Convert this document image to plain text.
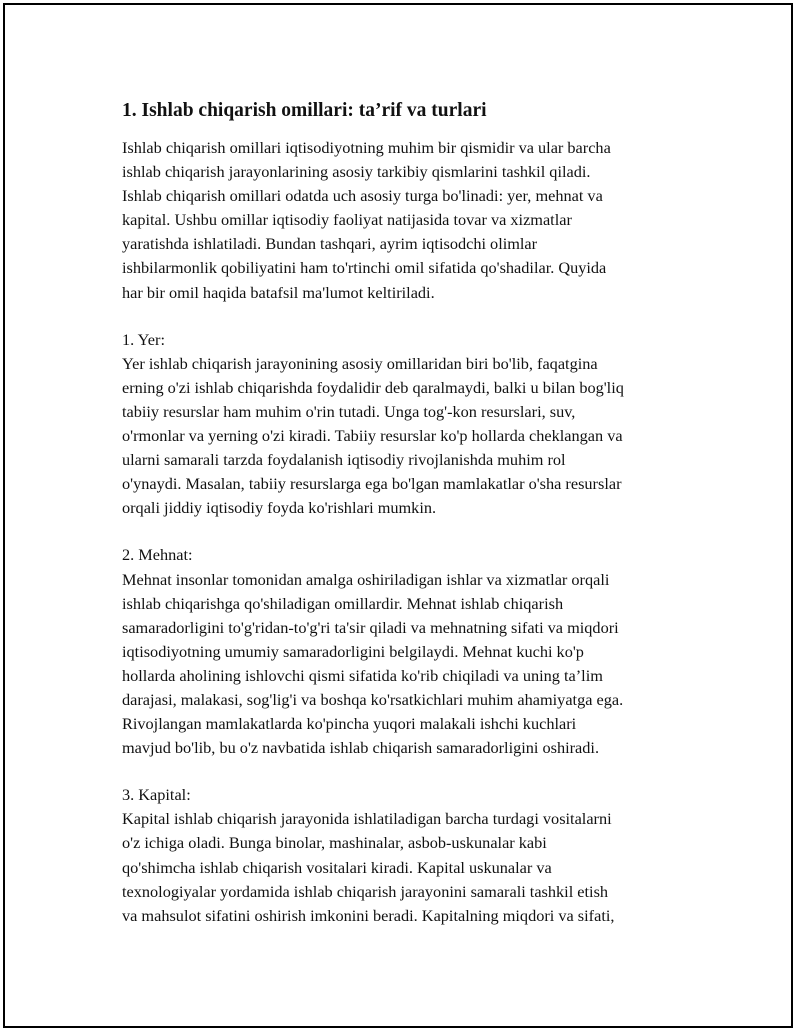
1. Ishlab chiqarish omillari: ta’rif va turlari

Ishlab chiqarish omillari iqtisodiyotning muhim bir qismidir va ular barcha
ishlab chiqarish jarayonlarining asosiy tarkibiy qismlarini tashkil qiladi.
Ishlab chiqarish omillari odatda uch asosiy turga bo'linadi: yer, mehnat va
kapital. Ushbu omillar iqtisodiy faoliyat natijasida tovar va xizmatlar
yaratishda ishlatiladi. Bundan tashqari, ayrim iqtisodchi olimlar
ishbilarmonlik qobiliyatini ham to'rtinchi omil sifatida qo'shadilar. Quyida
har bir omil haqida batafsil ma'lumot keltiriladi.

1. Yer:
Yer ishlab chiqarish jarayonining asosiy omillaridan biri bo'lib, faqatgina
erning o'zi ishlab chiqarishda foydalidir deb qaralmaydi, balki u bilan bog'liq
tabiiy resurslar ham muhim o'rin tutadi. Unga tog'-kon resurslari, suv,
o'rmonlar va yerning o'zi kiradi. Tabiiy resurslar ko'p hollarda cheklangan va
ularni samarali tarzda foydalanish iqtisodiy rivojlanishda muhim rol
o'ynaydi. Masalan, tabiiy resurslarga ega bo'lgan mamlakatlar o'sha resurslar
orqali jiddiy iqtisodiy foyda ko'rishlari mumkin.

2. Mehnat:
Mehnat insonlar tomonidan amalga oshiriladigan ishlar va xizmatlar orqali
ishlab chiqarishga qo'shiladigan omillardir. Mehnat ishlab chiqarish
samaradorligini to'g'ridan-to'g'ri ta'sir qiladi va mehnatning sifati va miqdori
iqtisodiyotning umumiy samaradorligini belgilaydi. Mehnat kuchi ko'p
hollarda aholining ishlovchi qismi sifatida ko'rib chiqiladi va uning ta’lim
darajasi, malakasi, sog'lig'i va boshqa ko'rsatkichlari muhim ahamiyatga ega.
Rivojlangan mamlakatlarda ko'pincha yuqori malakali ishchi kuchlari
mavjud bo'lib, bu o'z navbatida ishlab chiqarish samaradorligini oshiradi.

3. Kapital:
Kapital ishlab chiqarish jarayonida ishlatiladigan barcha turdagi vositalarni
o'z ichiga oladi. Bunga binolar, mashinalar, asbob-uskunalar kabi
qo'shimcha ishlab chiqarish vositalari kiradi. Kapital uskunalar va
texnologiyalar yordamida ishlab chiqarish jarayonini samarali tashkil etish
va mahsulot sifatini oshirish imkonini beradi. Kapitalning miqdori va sifati,
